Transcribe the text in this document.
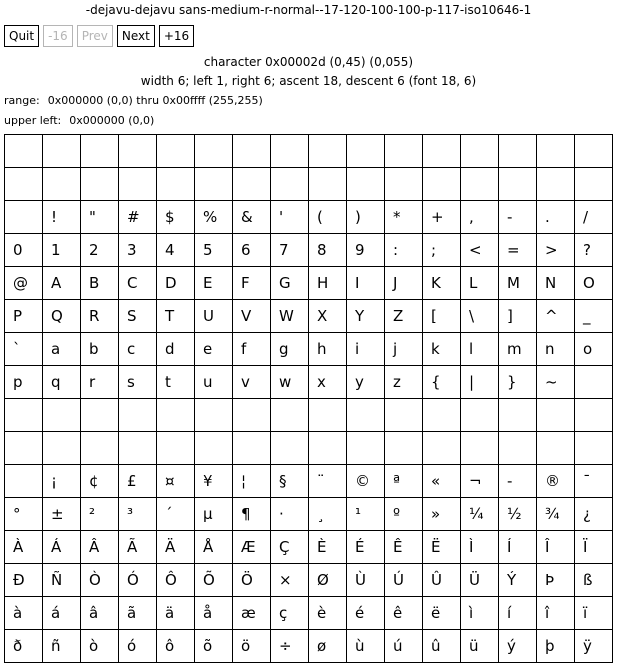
-dejavu-dejavu sans-medium-r-normal--17-120-100-100-p-117-iso10646-1
Quit	-16	Prev	Next	+16
character 0x00002d (0,45) (0,055)
width 6; left 1, right 6; ascent 18, descent 6 (font 18, 6)
range: 0x000000 (0,0) thru 0x00ffff (255,255)
upper left: 0x000000 (0,0)

	!	"	#	$	%	&	'	(	)	*	+	,	-	.	/
0	1	2	3	4	5	6	7	8	9	:	;	<	=	>	?
@	A	B	C	D	E	F	G	H	I	J	K	L	M	N	O
P	Q	R	S	T	U	V	W	X	Y	Z	[	\	]	^	_
`	a	b	c	d	e	f	g	h	i	j	k	l	m	n	o
p	q	r	s	t	u	v	w	x	y	z	{	|	}	~	

	¡	¢	£	¤	¥	¦	§	¨	©	ª	«	¬	-	®	¯
°	±	²	³	´	µ	¶	·	¸	¹	º	»	¼	½	¾	¿
À	Á	Â	Ã	Ä	Å	Æ	Ç	È	É	Ê	Ë	Ì	Í	Î	Ï
Ð	Ñ	Ò	Ó	Ô	Õ	Ö	×	Ø	Ù	Ú	Û	Ü	Ý	Þ	ß
à	á	â	ã	ä	å	æ	ç	è	é	ê	ë	ì	í	î	ï
ð	ñ	ò	ó	ô	õ	ö	÷	ø	ù	ú	û	ü	ý	þ	ÿ
